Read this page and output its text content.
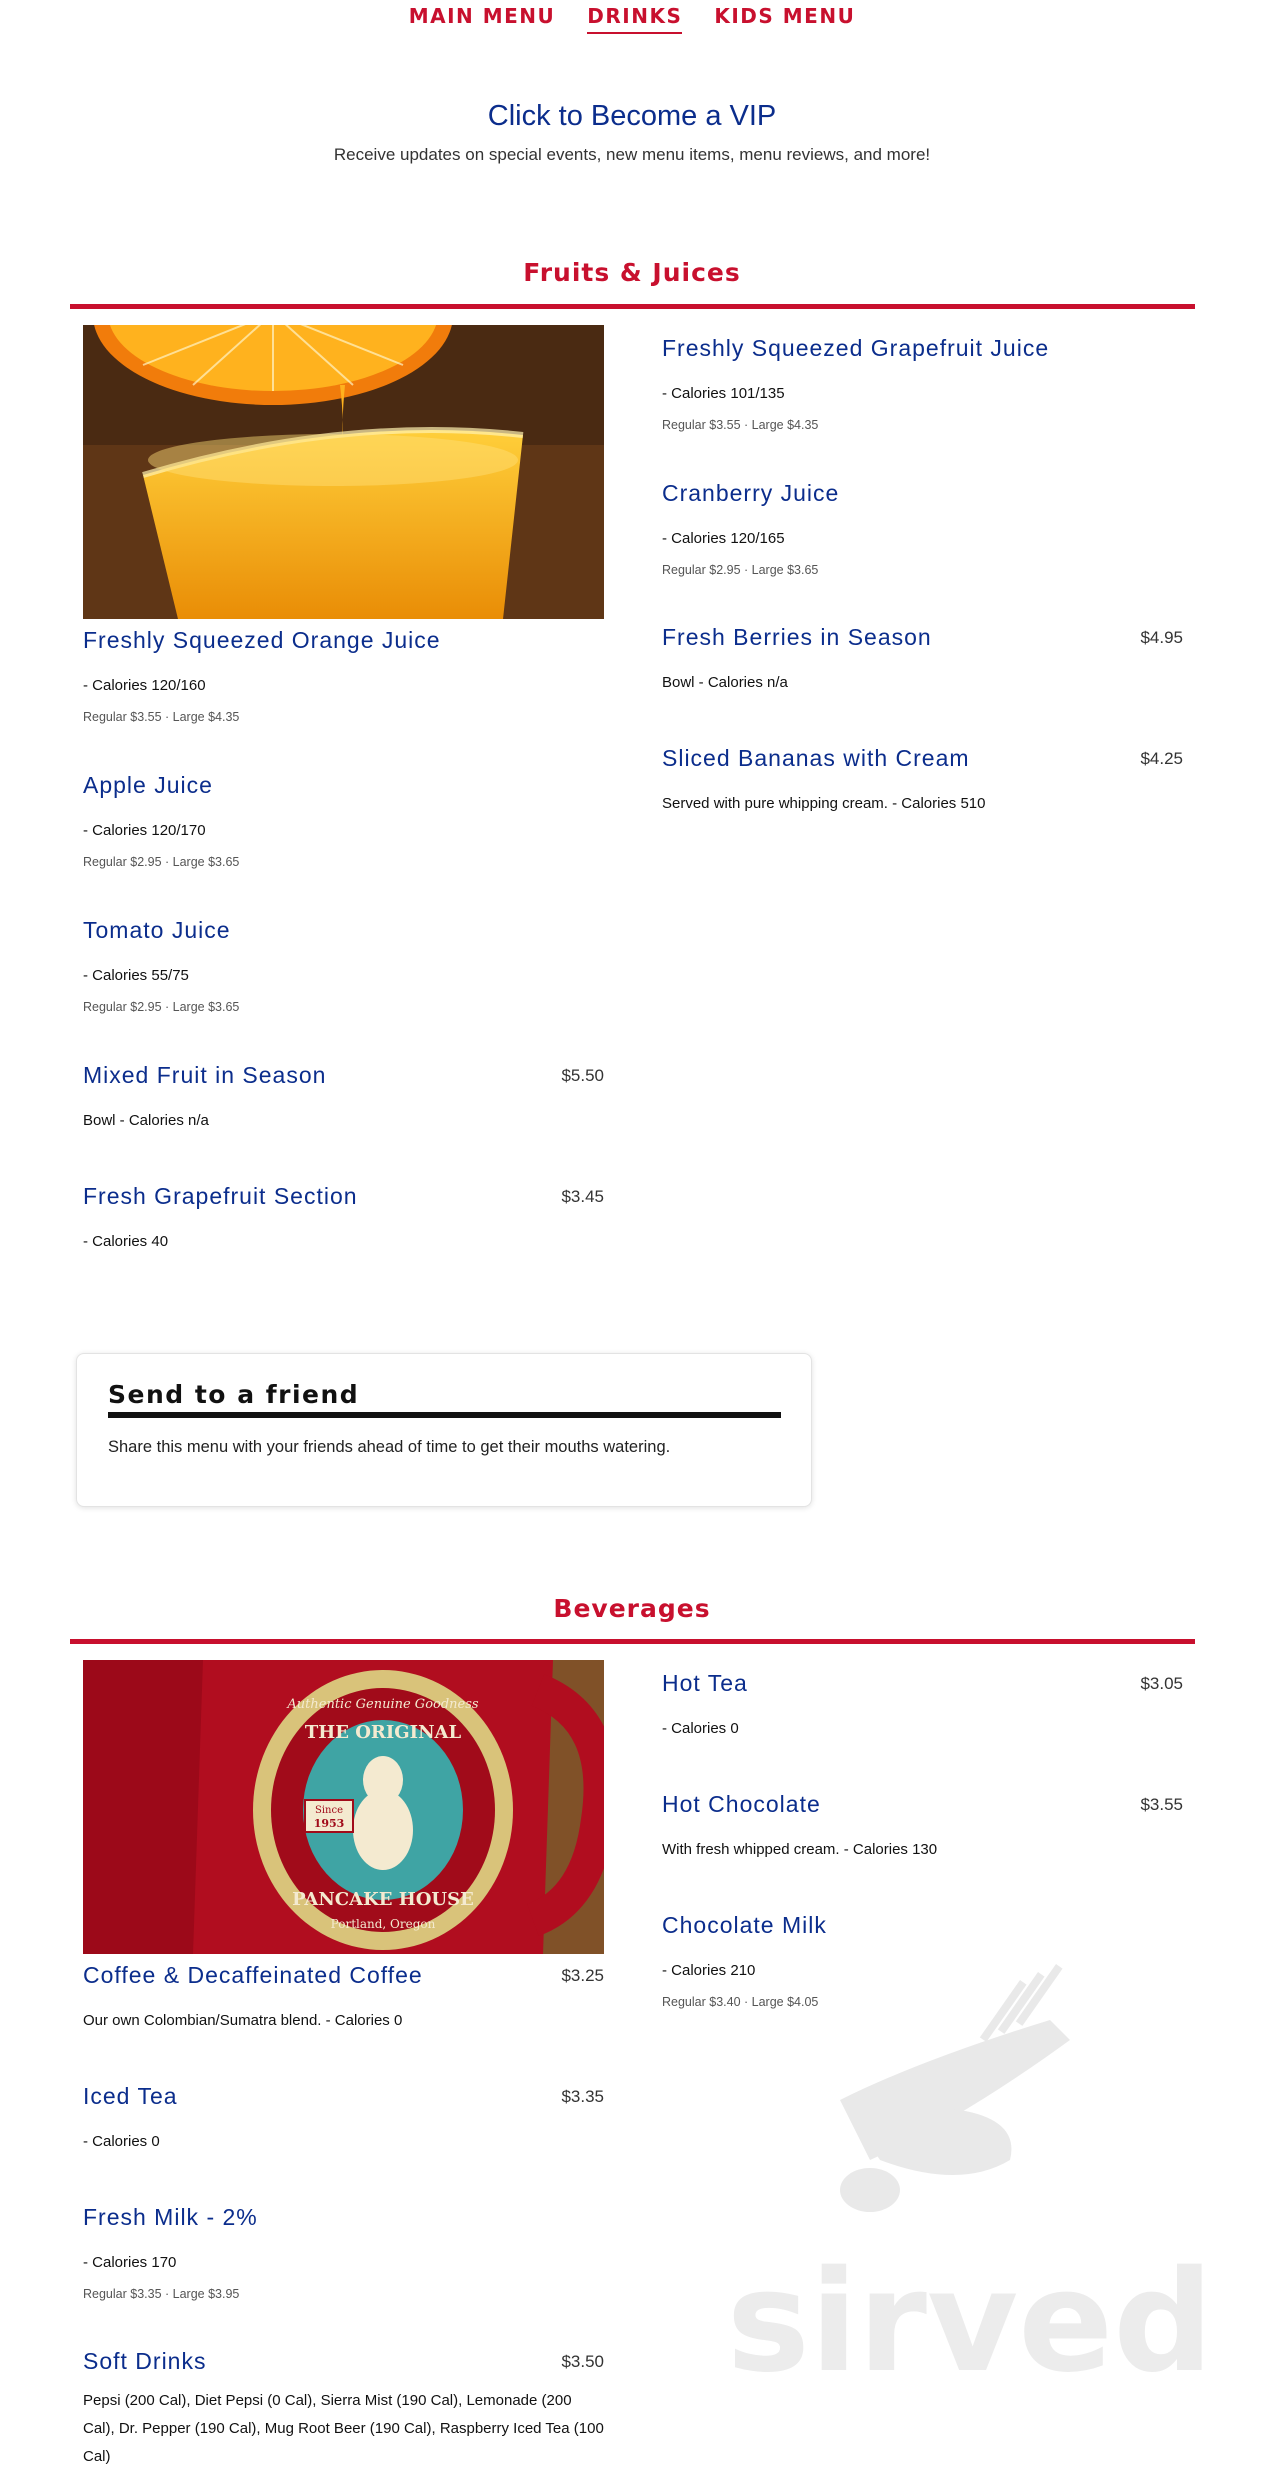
MAIN MENU DRINKS KIDS MENU
Click to Become a VIP
Receive updates on special events, new menu items, menu reviews, and more!
Fruits & Juices
Freshly Squeezed Orange Juice
- Calories 120/160
Regular $3.55 · Large $4.35
Apple Juice
- Calories 120/170
Regular $2.95 · Large $3.65
Tomato Juice
- Calories 55/75
Regular $2.95 · Large $3.65
Mixed Fruit in Season	$5.50
Bowl - Calories n/a
Fresh Grapefruit Section	$3.45
- Calories 40
Freshly Squeezed Grapefruit Juice
- Calories 101/135
Regular $3.55 · Large $4.35
Cranberry Juice
- Calories 120/165
Regular $2.95 · Large $3.65
Fresh Berries in Season	$4.95
Bowl - Calories n/a
Sliced Bananas with Cream	$4.25
Served with pure whipping cream. - Calories 510
Send to a friend
Share this menu with your friends ahead of time to get their mouths watering.
Beverages
Authentic Genuine Goodness
THE ORIGINAL
PANCAKE HOUSE
Portland, Oregon
Since
1953
Coffee & Decaffeinated Coffee	$3.25
Our own Colombian/Sumatra blend. - Calories 0
Iced Tea	$3.35
- Calories 0
Fresh Milk - 2%
- Calories 170
Regular $3.35 · Large $3.95
Soft Drinks	$3.50
Pepsi (200 Cal), Diet Pepsi (0 Cal), Sierra Mist (190 Cal), Lemonade (200 Cal), Dr. Pepper (190 Cal), Mug Root Beer (190 Cal), Raspberry Iced Tea (100 Cal)
Hot Tea	$3.05
- Calories 0
Hot Chocolate	$3.55
With fresh whipped cream. - Calories 130
Chocolate Milk
- Calories 210
Regular $3.40 · Large $4.05
sirved
